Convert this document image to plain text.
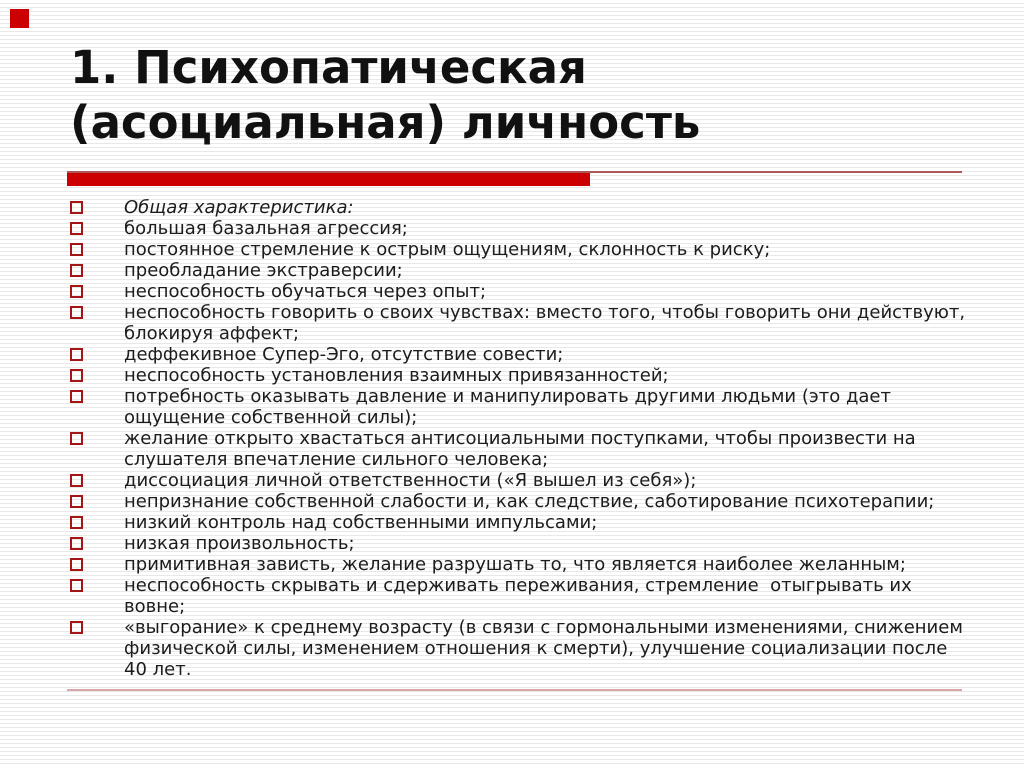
1. Психопатическая
(асоциальная) личность
Общая характеристика:
большая базальная агрессия;
постоянное стремление к острым ощущениям, склонность к риску;
преобладание экстраверсии;
неспособность обучаться через опыт;
неспособность говорить о своих чувствах: вместо того, чтобы говорить они действуют, блокируя аффект;
деффекивное Супер-Эго, отсутствие совести;
неспособность установления взаимных привязанностей;
потребность оказывать давление и манипулировать другими людьми (это дает ощущение собственной силы);
желание открыто хвастаться антисоциальными поступками, чтобы произвести на слушателя впечатление сильного человека;
диссоциация личной ответственности («Я вышел из себя»);
непризнание собственной слабости и, как следствие, саботирование психотерапии;
низкий контроль над собственными импульсами;
низкая произвольность;
примитивная зависть, желание разрушать то, что является наиболее желанным;
неспособность скрывать и сдерживать переживания, стремление  отыгрывать их вовне;
«выгорание» к среднему возрасту (в связи с гормональными изменениями, снижением физической силы, изменением отношения к смерти), улучшение социализации после 40 лет.
